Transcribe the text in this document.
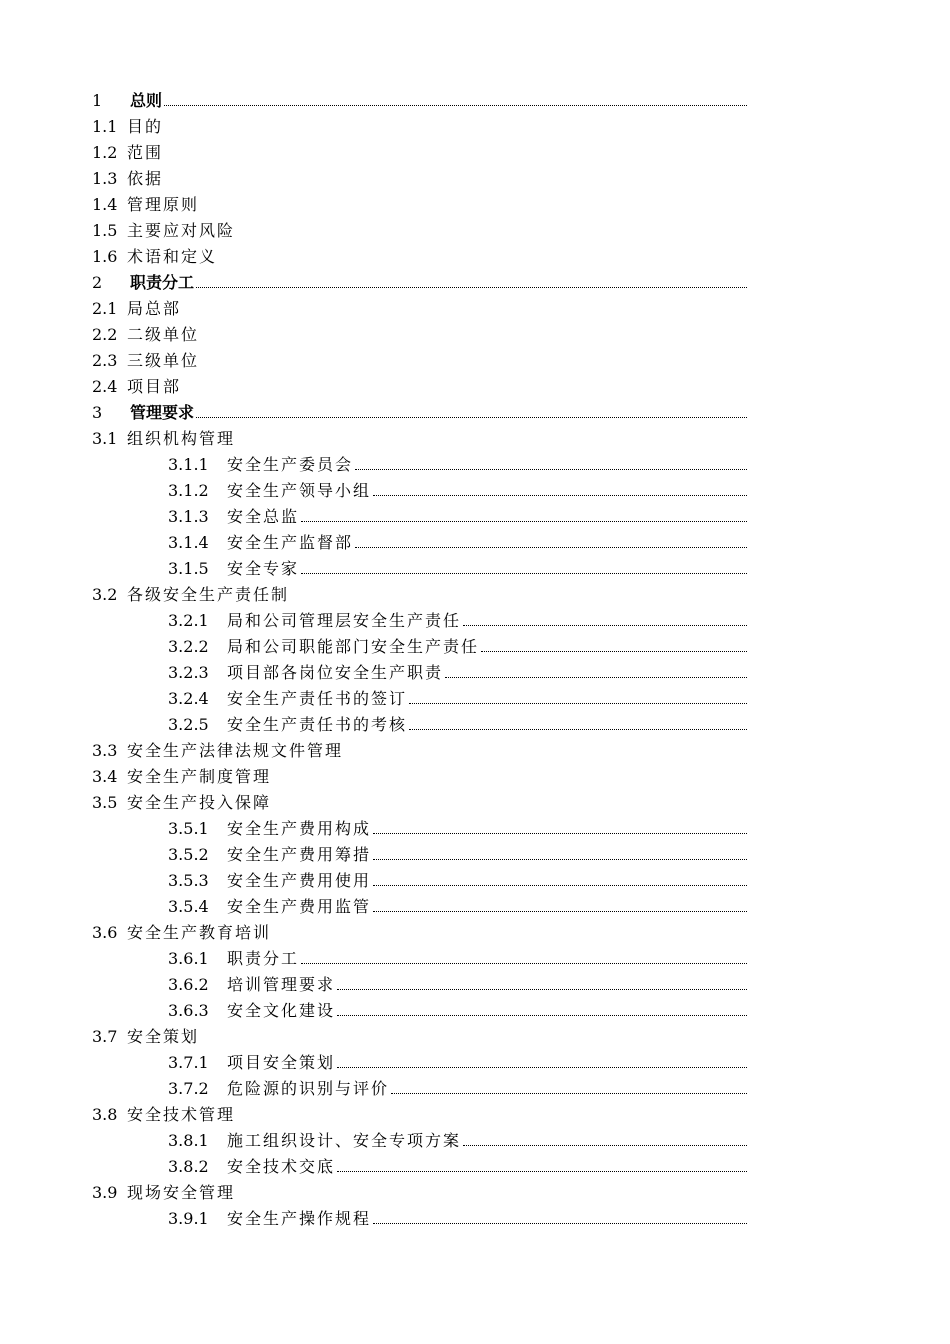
1 总则
1.1 目的
1.2 范围
1.3 依据
1.4 管理原则
1.5 主要应对风险
1.6 术语和定义
2 职责分工
2.1 局总部
2.2 二级单位
2.3 三级单位
2.4 项目部
3 管理要求
3.1 组织机构管理
3.1.1 安全生产委员会
3.1.2 安全生产领导小组
3.1.3 安全总监
3.1.4 安全生产监督部
3.1.5 安全专家
3.2 各级安全生产责任制
3.2.1 局和公司管理层安全生产责任
3.2.2 局和公司职能部门安全生产责任
3.2.3 项目部各岗位安全生产职责
3.2.4 安全生产责任书的签订
3.2.5 安全生产责任书的考核
3.3 安全生产法律法规文件管理
3.4 安全生产制度管理
3.5 安全生产投入保障
3.5.1 安全生产费用构成
3.5.2 安全生产费用筹措
3.5.3 安全生产费用使用
3.5.4 安全生产费用监管
3.6 安全生产教育培训
3.6.1 职责分工
3.6.2 培训管理要求
3.6.3 安全文化建设
3.7 安全策划
3.7.1 项目安全策划
3.7.2 危险源的识别与评价
3.8 安全技术管理
3.8.1 施工组织设计、安全专项方案
3.8.2 安全技术交底
3.9 现场安全管理
3.9.1 安全生产操作规程
